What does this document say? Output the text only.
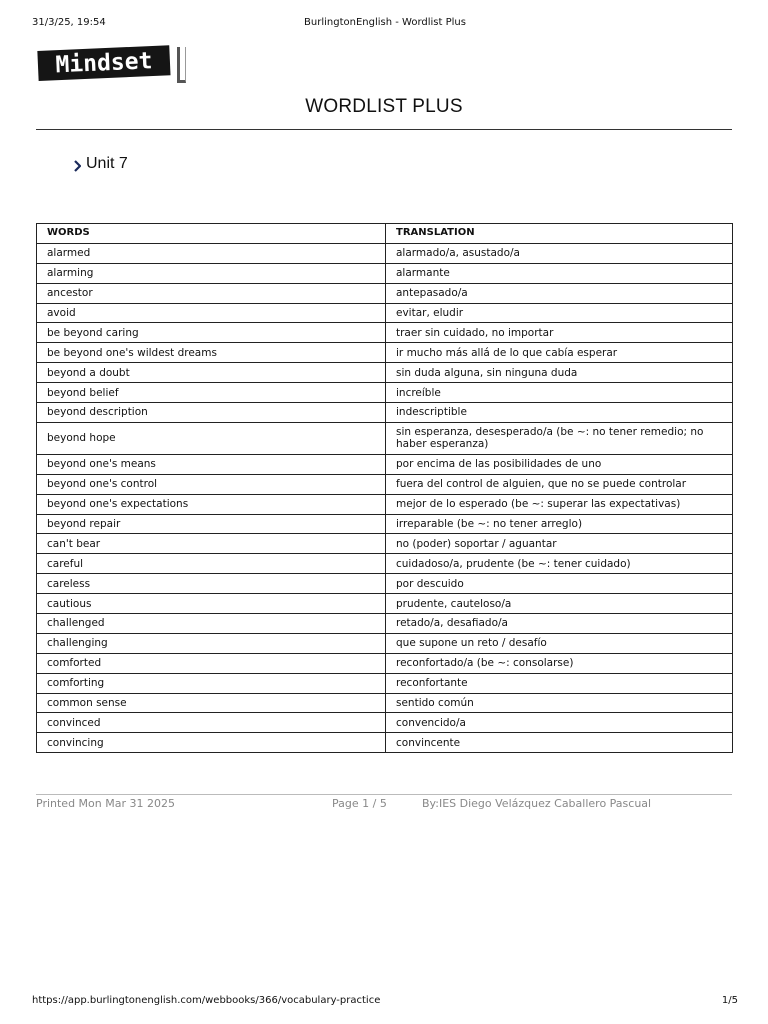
31/3/25, 19:54	BurlingtonEnglish - Wordlist Plus
Mindset
WORDLIST PLUS
Unit 7
WORDS	TRANSLATION
alarmed	alarmado/a, asustado/a
alarming	alarmante
ancestor	antepasado/a
avoid	evitar, eludir
be beyond caring	traer sin cuidado, no importar
be beyond one's wildest dreams	ir mucho más allá de lo que cabía esperar
beyond a doubt	sin duda alguna, sin ninguna duda
beyond belief	increíble
beyond description	indescriptible
beyond hope	sin esperanza, desesperado/a (be ~: no tener remedio; no haber esperanza)
beyond one's means	por encima de las posibilidades de uno
beyond one's control	fuera del control de alguien, que no se puede controlar
beyond one's expectations	mejor de lo esperado (be ~: superar las expectativas)
beyond repair	irreparable (be ~: no tener arreglo)
can't bear	no (poder) soportar / aguantar
careful	cuidadoso/a, prudente (be ~: tener cuidado)
careless	por descuido
cautious	prudente, cauteloso/a
challenged	retado/a, desafiado/a
challenging	que supone un reto / desafío
comforted	reconfortado/a (be ~: consolarse)
comforting	reconfortante
common sense	sentido común
convinced	convencido/a
convincing	convincente
Printed Mon Mar 31 2025	Page 1 / 5	By:IES Diego Velázquez Caballero Pascual
https://app.burlingtonenglish.com/webbooks/366/vocabulary-practice	1/5
